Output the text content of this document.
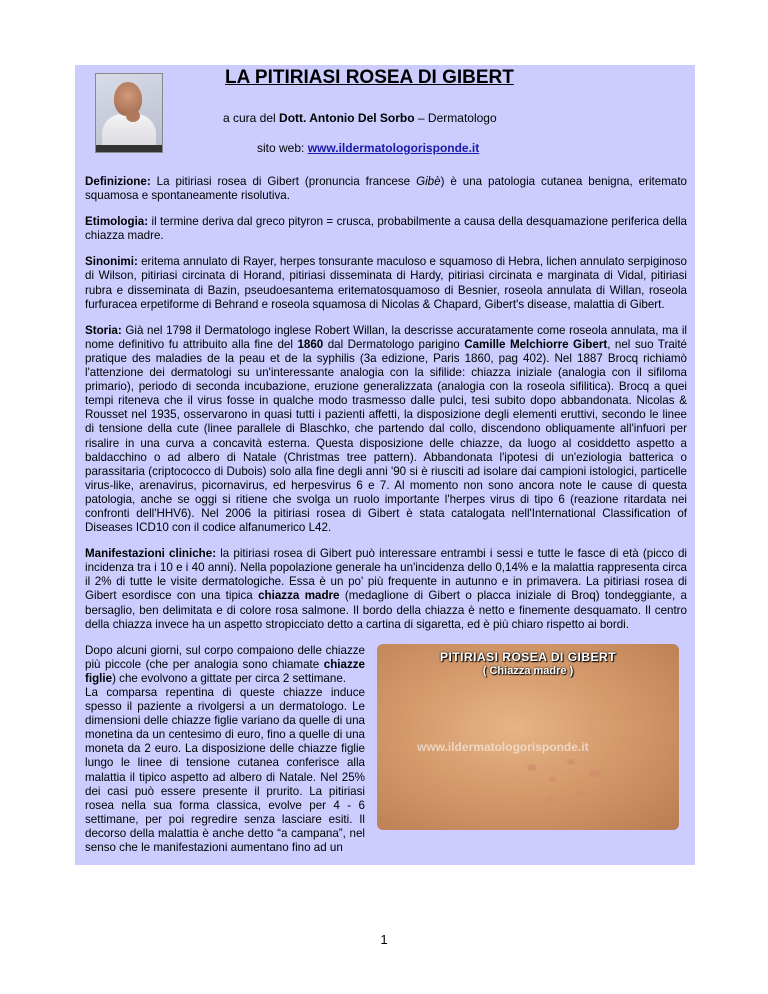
LA PITIRIASI ROSEA DI GIBERT
a cura del Dott. Antonio Del Sorbo – Dermatologo
sito web: www.ildermatologorisponde.it

Definizione: La pitiriasi rosea di Gibert (pronuncia francese Gibè) è una patologia cutanea benigna, eritemato squamosa e spontaneamente risolutiva.

Etimologia: il termine deriva dal greco pityron = crusca, probabilmente a causa della desquamazione periferica della chiazza madre.

Sinonimi: eritema annulato di Rayer, herpes tonsurante maculoso e squamoso di Hebra, lichen annulato serpiginoso di Wilson, pitiriasi circinata di Horand, pitiriasi disseminata di Hardy, pitiriasi circinata e marginata di Vidal, pitiriasi rubra e disseminata di Bazin, pseudoesantema eritematosquamoso di Besnier, roseola annulata di Willan, roseola furfuracea erpetiforme di Behrand e roseola squamosa di Nicolas & Chapard, Gibert's disease, malattia di Gibert.

Storia: Già nel 1798 il Dermatologo inglese Robert Willan, la descrisse accuratamente come roseola annulata, ma il nome definitivo fu attribuito alla fine del 1860 dal Dermatologo parigino Camille Melchiorre Gibert, nel suo Traité pratique des maladies de la peau et de la syphilis (3a edizione, Paris 1860, pag 402). Nel 1887 Brocq richiamò l'attenzione dei dermatologi su un'interessante analogia con la sifilide: chiazza iniziale (analogia con il sifiloma primario), periodo di seconda incubazione, eruzione generalizzata (analogia con la roseola sifilitica). Brocq a quei tempi riteneva che il virus fosse in qualche modo trasmesso dalle pulci, tesi subito dopo abbandonata. Nicolas & Rousset nel 1935, osservarono in quasi tutti i pazienti affetti, la disposizione degli elementi eruttivi, secondo le linee di tensione della cute (linee parallele di Blaschko, che partendo dal collo, discendono obliquamente all'infuori per risalire in una curva a concavità esterna. Questa disposizione delle chiazze, da luogo al cosiddetto aspetto a baldacchino o ad albero di Natale (Christmas tree pattern). Abbandonata l'ipotesi di un'eziologia batterica o parassitaria (criptococco di Dubois) solo alla fine degli anni '90 si è riusciti ad isolare dai campioni istologici, particelle virus-like, arenavirus, picornavirus, ed herpesvirus 6 e 7. Al momento non sono ancora note le cause di questa patologia, anche se oggi si ritiene che svolga un ruolo importante l'herpes virus di tipo 6 (reazione ritardata nei confronti dell'HHV6). Nel 2006 la pitiriasi rosea di Gibert è stata catalogata nell'International Classification of Diseases ICD10 con il codice alfanumerico L42.

Manifestazioni cliniche: la pitiriasi rosea di Gibert può interessare entrambi i sessi e tutte le fasce di età (picco di incidenza tra i 10 e i 40 anni). Nella popolazione generale ha un'incidenza dello 0,14% e la malattia rappresenta circa il 2% di tutte le visite dermatologiche. Essa è un po' più frequente in autunno e in primavera. La pitiriasi rosea di Gibert esordisce con una tipica chiazza madre (medaglione di Gibert o placca iniziale di Broq) tondeggiante, a bersaglio, ben delimitata e di colore rosa salmone. Il bordo della chiazza è netto e finemente desquamato. Il centro della chiazza invece ha un aspetto stropicciato detto a cartina di sigaretta, ed è più chiaro rispetto ai bordi.

PITIRIASI ROSEA DI GIBERT
( Chiazza madre )
www.ildermatologorisponde.it

Dopo alcuni giorni, sul corpo compaiono delle chiazze più piccole (che per analogia sono chiamate chiazze figlie) che evolvono a gittate per circa 2 settimane.

La comparsa repentina di queste chiazze induce spesso il paziente a rivolgersi a un dermatologo. Le dimensioni delle chiazze figlie variano da quelle di una monetina da un centesimo di euro, fino a quelle di una moneta da 2 euro. La disposizione delle chiazze figlie lungo le linee di tensione cutanea conferisce alla malattia il tipico aspetto ad albero di Natale. Nel 25% dei casi può essere presente il prurito. La pitiriasi rosea nella sua forma classica, evolve per 4 - 6 settimane, per poi regredire senza lasciare esiti. Il decorso della malattia è anche detto “a campana”, nel senso che le manifestazioni aumentano fino ad un

1
